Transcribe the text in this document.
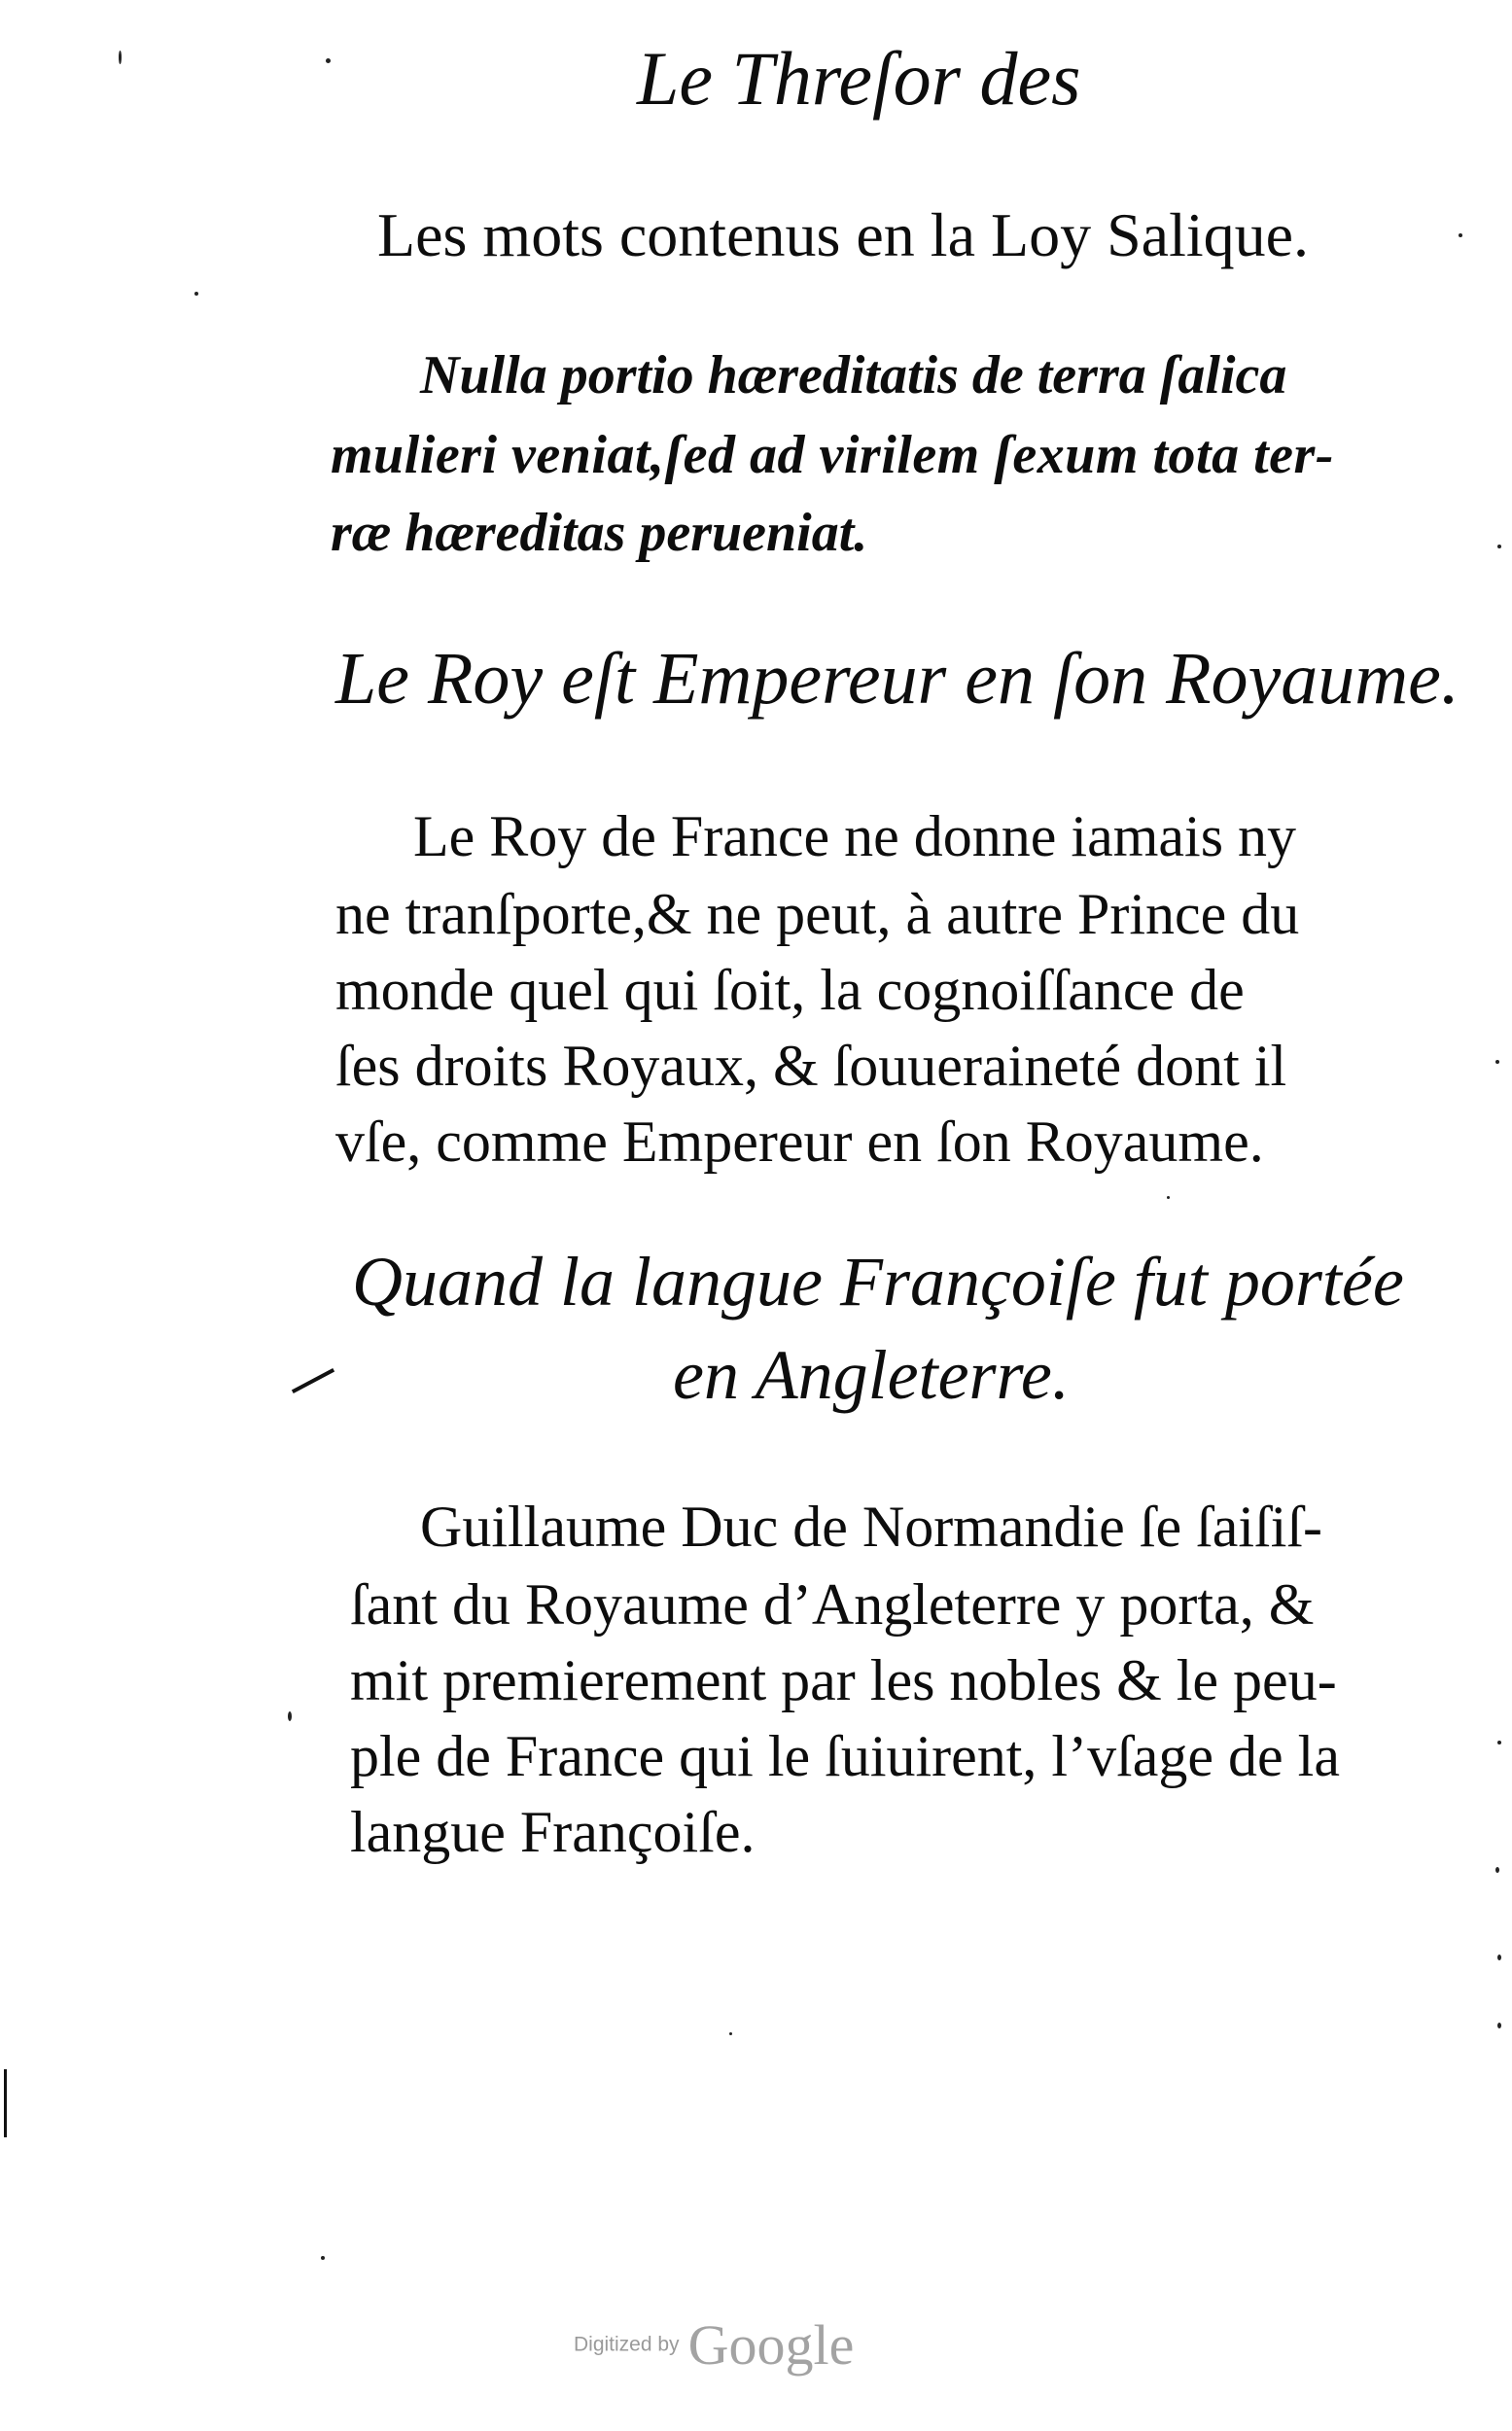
Le Threſor des
Les mots contenus en la Loy Salique.
Nulla portio hæreditatis de terra ſalica
mulieri veniat,ſed ad virilem ſexum tota ter-
ræ hæreditas perueniat.
Le Roy eſt Empereur en ſon Royaume.
Le Roy de France ne donne iamais ny
ne tranſporte,& ne peut, à autre Prince du
monde quel qui ſoit, la cognoiſſance de
ſes droits Royaux, & ſouueraineté dont il
vſe, comme Empereur en ſon Royaume.
Quand la langue Françoiſe fut portée
en Angleterre.
Guillaume Duc de Normandie ſe ſaiſiſ-
ſant du Royaume d’Angleterre y porta, &
mit premierement par les nobles & le peu-
ple de France qui le ſuiuirent, l’vſage de la
langue Françoiſe.
Digitized by Google
